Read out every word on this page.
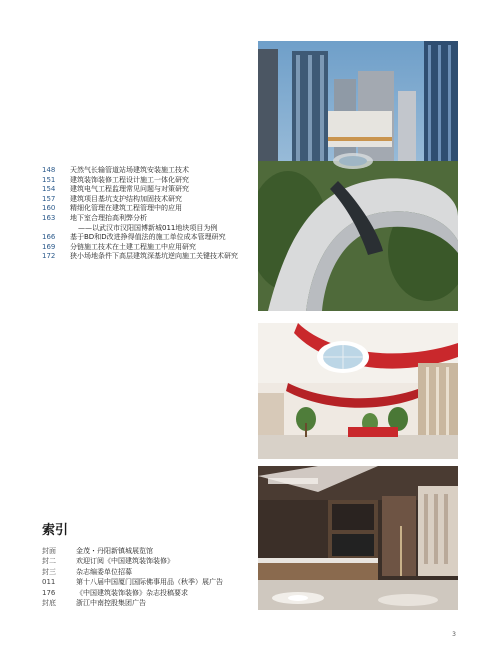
148	天然气长输管道站场建筑安装施工技术
151	建筑装饰装修工程设计施工一体化研究
154	建筑电气工程监理常见问题与对策研究
157	建筑项目基坑支护结构加固技术研究
160	精细化管理在建筑工程管理中的应用
163	地下室合理抬高利弊分析
——以武汉市汉阳国博新城011地块项目为例
166	基于BD和D改进挣得值法的施工单位成本管理研究
169	分链施工技术在土建工程施工中应用研究
172	狭小场地条件下高层建筑深基坑逆向施工关键技术研究
索引
封面	金茂・丹阳新镇城展览馆
封二	欢迎订阅《中国建筑装饰装修》
封三	杂志编委单位招募
011	第十八届中国厦门国际佛事用品（秋季）展广告
176	《中国建筑装饰装修》杂志投稿要求
封底	浙江中南控股集团广告
3
